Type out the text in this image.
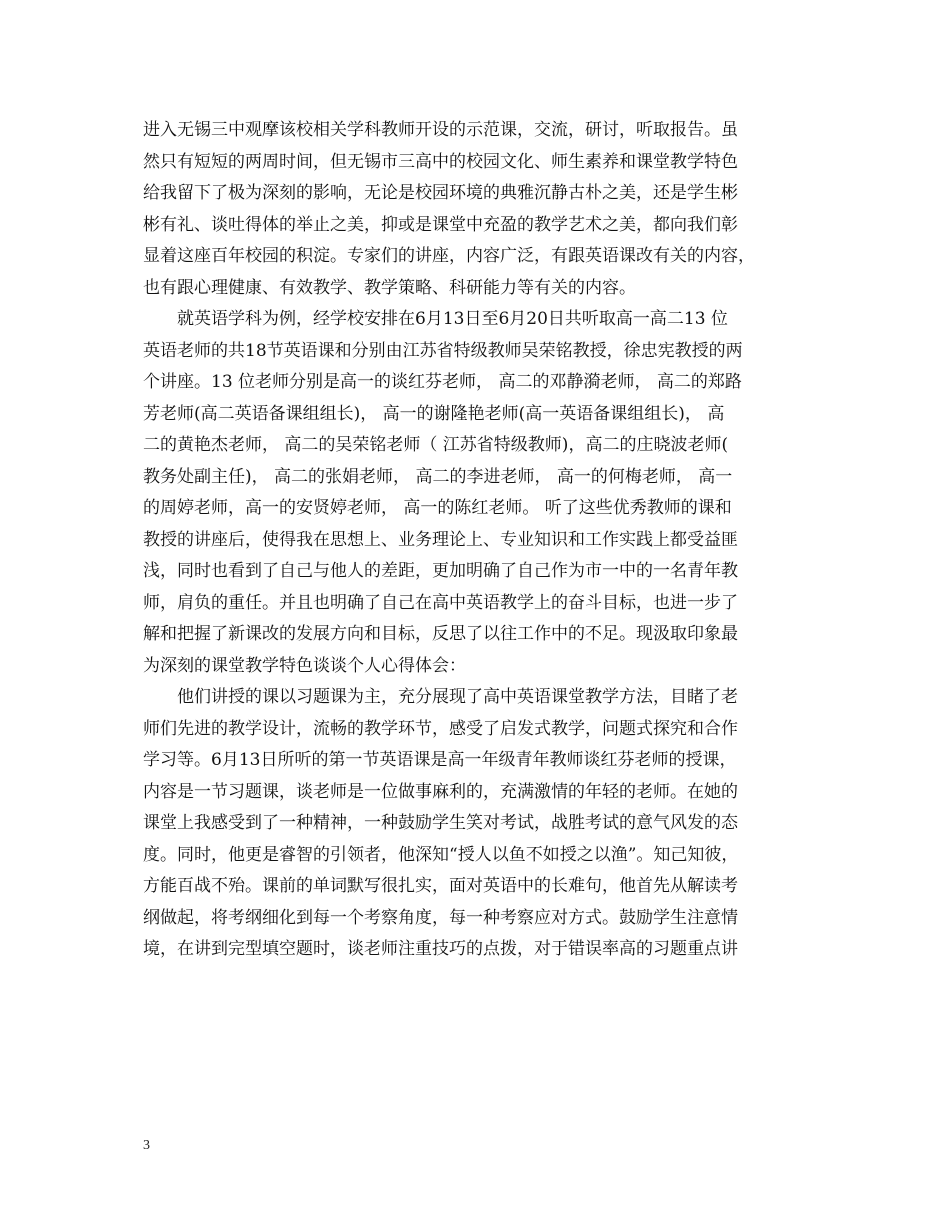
进入无锡三中观摩该校相关学科教师开设的示范课，交流，研讨，听取报告。虽
然只有短短的两周时间，但无锡市三高中的校园文化、师生素养和课堂教学特色
给我留下了极为深刻的影响，无论是校园环境的典雅沉静古朴之美，还是学生彬
彬有礼、谈吐得体的举止之美，抑或是课堂中充盈的教学艺术之美，都向我们彰
显着这座百年校园的积淀。专家们的讲座，内容广泛，有跟英语课改有关的内容，
也有跟心理健康、有效教学、教学策略、科研能力等有关的内容。
就英语学科为例，经学校安排在6月13日至6月20日共听取高一高二13 位
英语老师的共18节英语课和分别由江苏省特级教师吴荣铭教授，徐忠宪教授的两
个讲座。13 位老师分别是高一的谈红芬老师， 高二的邓静漪老师， 高二的郑路
芳老师(高二英语备课组组长)， 高一的谢隆艳老师(高一英语备课组组长)， 高
二的黄艳杰老师， 高二的吴荣铭老师（ 江苏省特级教师)，高二的庄晓波老师(
教务处副主任)， 高二的张娟老师， 高二的李进老师， 高一的何梅老师， 高一
的周婷老师，高一的安贤婷老师， 高一的陈红老师。 听了这些优秀教师的课和
教授的讲座后，使得我在思想上、业务理论上、专业知识和工作实践上都受益匪
浅，同时也看到了自己与他人的差距，更加明确了自己作为市一中的一名青年教
师，肩负的重任。并且也明确了自己在高中英语教学上的奋斗目标，也进一步了
解和把握了新课改的发展方向和目标，反思了以往工作中的不足。现汲取印象最
为深刻的课堂教学特色谈谈个人心得体会：
他们讲授的课以习题课为主，充分展现了高中英语课堂教学方法，目睹了老
师们先进的教学设计，流畅的教学环节，感受了启发式教学，问题式探究和合作
学习等。6月13日所听的第一节英语课是高一年级青年教师谈红芬老师的授课，
内容是一节习题课，谈老师是一位做事麻利的，充满激情的年轻的老师。在她的
课堂上我感受到了一种精神，一种鼓励学生笑对考试，战胜考试的意气风发的态
度。同时，他更是睿智的引领者，他深知“授人以鱼不如授之以渔”。知己知彼，
方能百战不殆。课前的单词默写很扎实，面对英语中的长难句，他首先从解读考
纲做起，将考纲细化到每一个考察角度，每一种考察应对方式。鼓励学生注意情
境，在讲到完型填空题时，谈老师注重技巧的点拨，对于错误率高的习题重点讲
3
